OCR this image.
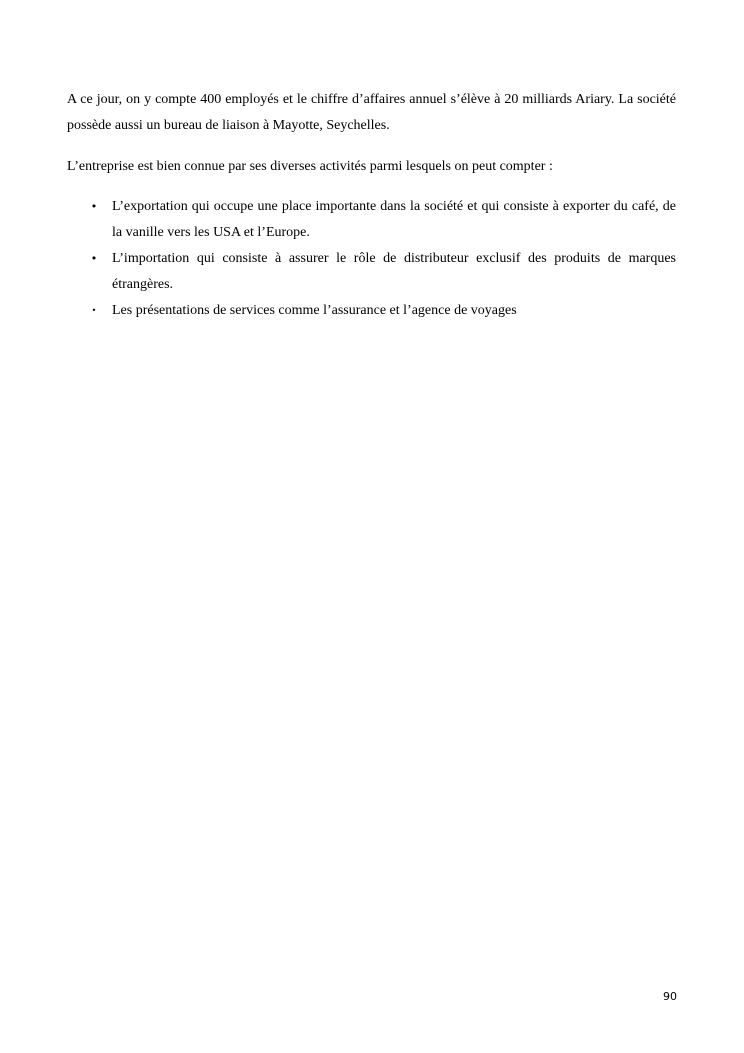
A ce jour, on y compte 400 employés et le chiffre d’affaires annuel s’élève à 20 milliards Ariary. La société possède aussi un bureau de liaison à Mayotte, Seychelles.

L’entreprise est bien connue par ses diverses activités parmi lesquels on peut compter :

• L’exportation qui occupe une place importante dans la société et qui consiste à exporter du café, de la vanille vers les USA et l’Europe.
• L’importation qui consiste à assurer le rôle de distributeur exclusif des produits de marques étrangères.
• Les présentations de services comme l’assurance et l’agence de voyages
90
